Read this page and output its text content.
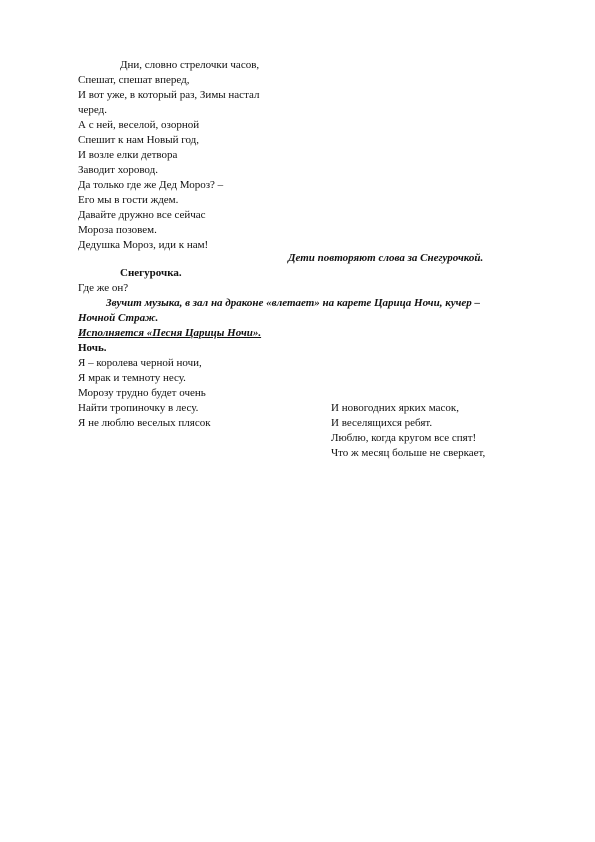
Дни, словно стрелочки часов,
Спешат, спешат вперед,
И вот уже, в который раз, Зимы настал
черед.
А с ней, веселой, озорной
Спешит к нам Новый год,
И возле елки детвора
Заводит хоровод.
Да только где же Дед Мороз? –
Его мы в гости ждем.
Давайте дружно все сейчас
Мороза позовем.
Дедушка Мороз, иди к нам!
Дети повторяют слова за Снегурочкой.
Снегурочка.
Где же он?
Звучит музыка, в зал на драконе «влетает» на карете Царица Ночи, кучер –
Ночной Страж.
Исполняется «Песня Царицы Ночи».
Ночь.
Я – королева черной ночи,
Я мрак и темноту несу.
Морозу трудно будет очень
Найти тропиночку в лесу.
Я не люблю веселых плясок
И новогодних ярких масок,
И веселящихся ребят.
Люблю, когда кругом все спят!
Что ж месяц больше не сверкает,
